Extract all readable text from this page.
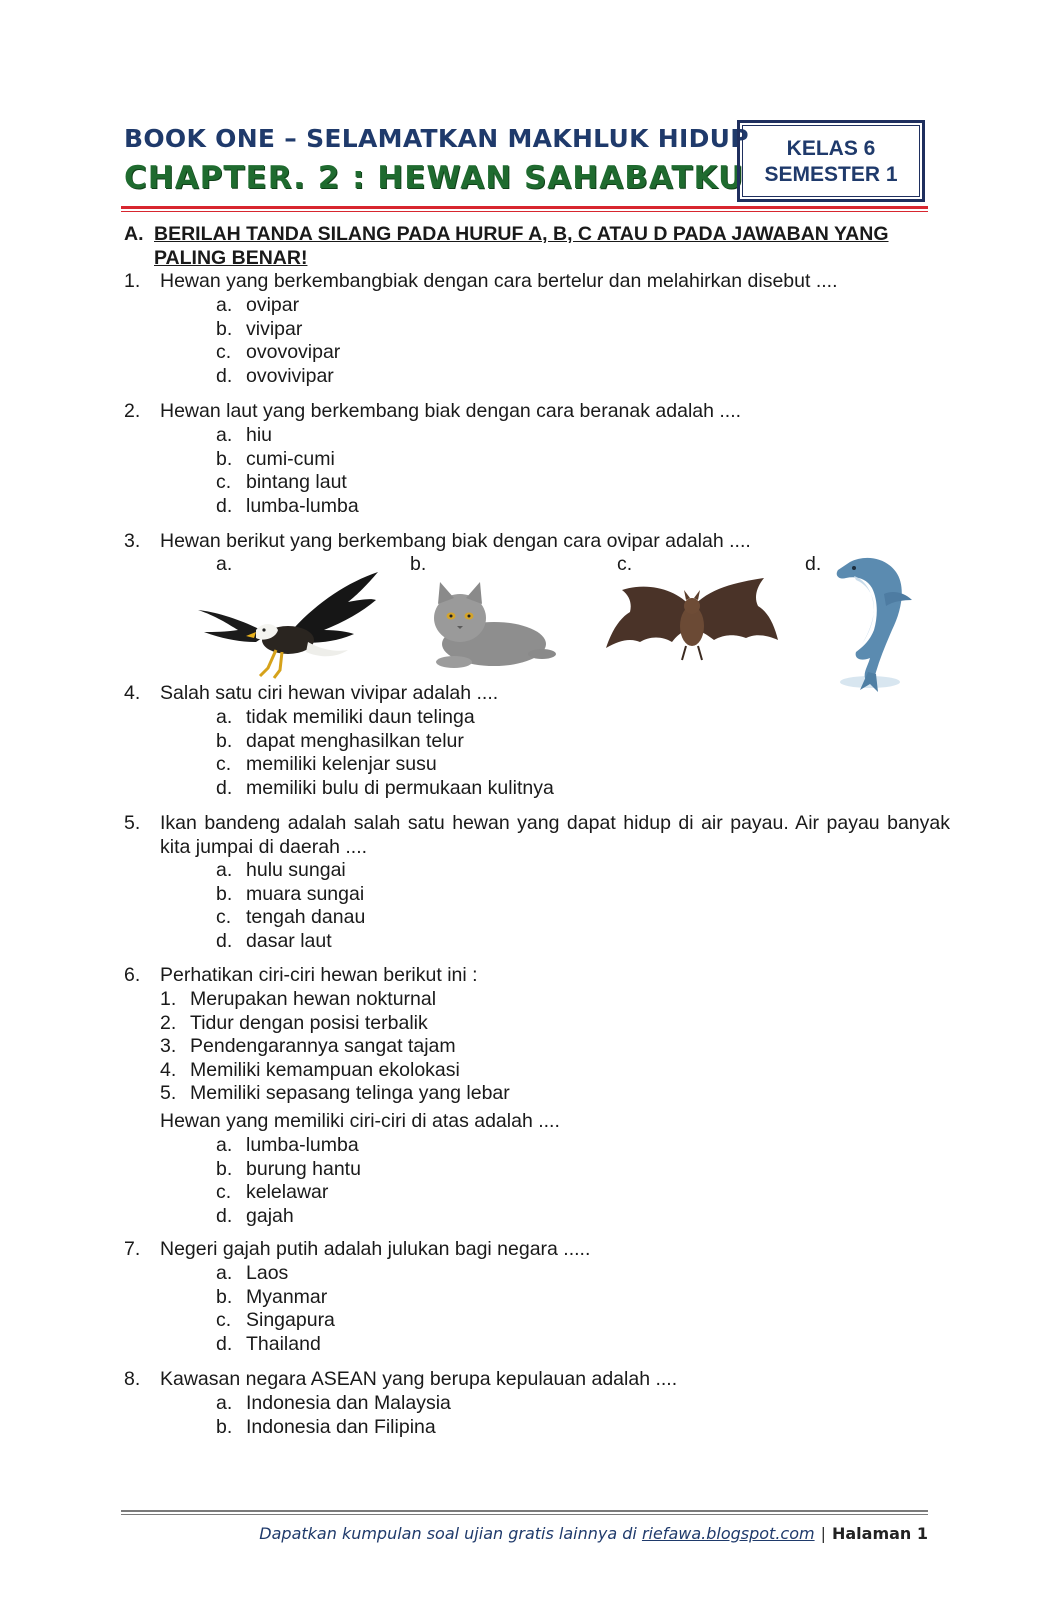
BOOK ONE – SELAMATKAN MAKHLUK HIDUP
CHAPTER. 2 : HEWAN SAHABATKU
KELAS 6
SEMESTER 1
A. BERILAH TANDA SILANG PADA HURUF A, B, C ATAU D PADA JAWABAN YANG PALING BENAR!
1. Hewan yang berkembangbiak dengan cara bertelur dan melahirkan disebut ....
a. ovipar
b. vivipar
c. ovovovipar
d. ovovivipar
2. Hewan laut yang berkembang biak dengan cara beranak adalah ....
a. hiu
b. cumi-cumi
c. bintang laut
d. lumba-lumba
3. Hewan berikut yang berkembang biak dengan cara ovipar adalah ....
a.	b.	c.	d.
4. Salah satu ciri hewan vivipar adalah ....
a. tidak memiliki daun telinga
b. dapat menghasilkan telur
c. memiliki kelenjar susu
d. memiliki bulu di permukaan kulitnya
5. Ikan bandeng adalah salah satu hewan yang dapat hidup di air payau. Air payau banyak kita jumpai di daerah ....
a. hulu sungai
b. muara sungai
c. tengah danau
d. dasar laut
6. Perhatikan ciri-ciri hewan berikut ini :
1. Merupakan hewan nokturnal
2. Tidur dengan posisi terbalik
3. Pendengarannya sangat tajam
4. Memiliki kemampuan ekolokasi
5. Memiliki sepasang telinga yang lebar
Hewan yang memiliki ciri-ciri di atas adalah ....
a. lumba-lumba
b. burung hantu
c. kelelawar
d. gajah
7. Negeri gajah putih adalah julukan bagi negara .....
a. Laos
b. Myanmar
c. Singapura
d. Thailand
8. Kawasan negara ASEAN yang berupa kepulauan adalah ....
a. Indonesia dan Malaysia
b. Indonesia dan Filipina
Dapatkan kumpulan soal ujian gratis lainnya di riefawa.blogspot.com | Halaman 1
